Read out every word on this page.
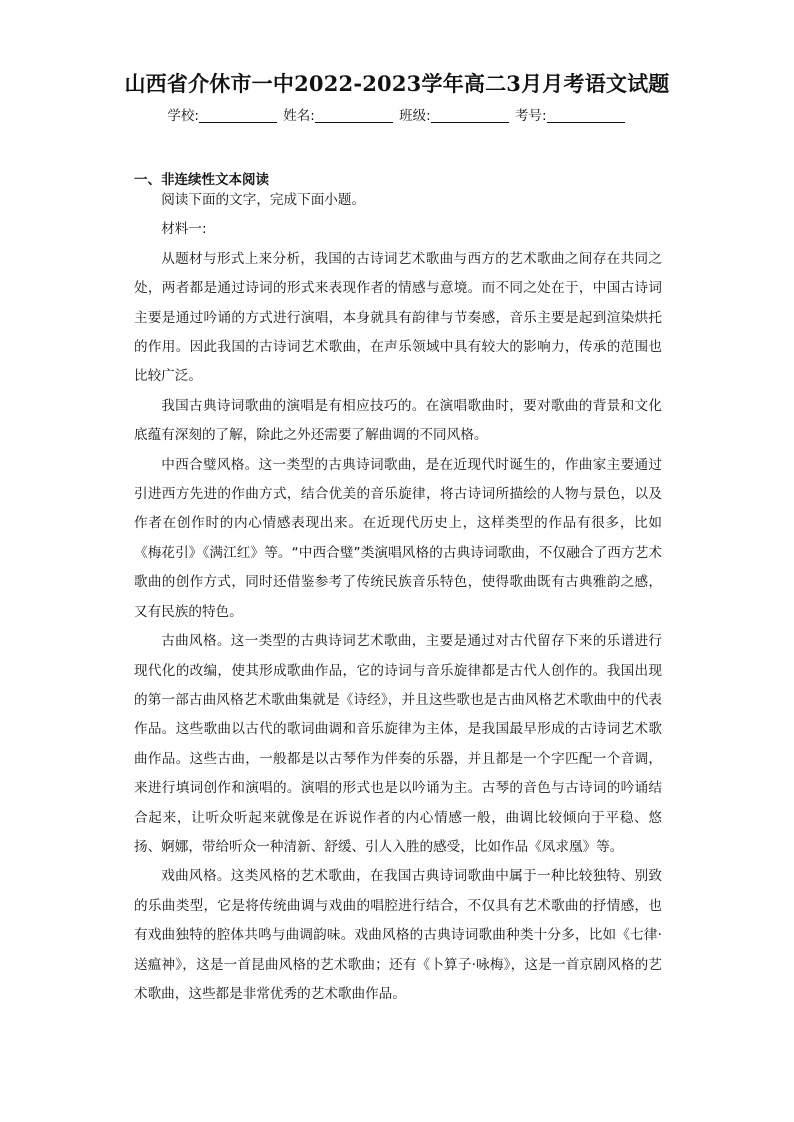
山西省介休市一中2022-2023学年高二3月月考语文试题
学校:	姓名:	班级:	考号:
一、非连续性文本阅读

阅读下面的文字，完成下面小题。

材料一:

从题材与形式上来分析，我国的古诗词艺术歌曲与西方的艺术歌曲之间存在共同之处，两者都是通过诗词的形式来表现作者的情感与意境。而不同之处在于，中国古诗词主要是通过吟诵的方式进行演唱，本身就具有韵律与节奏感，音乐主要是起到渲染烘托的作用。因此我国的古诗词艺术歌曲，在声乐领域中具有较大的影响力，传承的范围也比较广泛。

我国古典诗词歌曲的演唱是有相应技巧的。在演唱歌曲时，要对歌曲的背景和文化底蕴有深刻的了解，除此之外还需要了解曲调的不同风格。

中西合璧风格。这一类型的古典诗词歌曲，是在近现代时诞生的，作曲家主要通过引进西方先进的作曲方式，结合优美的音乐旋律，将古诗词所描绘的人物与景色，以及作者在创作时的内心情感表现出来。在近现代历史上，这样类型的作品有很多，比如《梅花引》《满江红》等。“中西合璧”类演唱风格的古典诗词歌曲，不仅融合了西方艺术歌曲的创作方式，同时还借鉴参考了传统民族音乐特色，使得歌曲既有古典雅韵之感，又有民族的特色。

古曲风格。这一类型的古典诗词艺术歌曲，主要是通过对古代留存下来的乐谱进行现代化的改编，使其形成歌曲作品，它的诗词与音乐旋律都是古代人创作的。我国出现的第一部古曲风格艺术歌曲集就是《诗经》，并且这些歌也是古曲风格艺术歌曲中的代表作品。这些歌曲以古代的歌词曲调和音乐旋律为主体，是我国最早形成的古诗词艺术歌曲作品。这些古曲，一般都是以古琴作为伴奏的乐器，并且都是一个字匹配一个音调，来进行填词创作和演唱的。演唱的形式也是以吟诵为主。古琴的音色与古诗词的吟诵结合起来，让听众听起来就像是在诉说作者的内心情感一般，曲调比较倾向于平稳、悠扬、婀娜，带给听众一种清新、舒缓、引人入胜的感受，比如作品《凤求凰》等。

戏曲风格。这类风格的艺术歌曲，在我国古典诗词歌曲中属于一种比较独特、别致的乐曲类型，它是将传统曲调与戏曲的唱腔进行结合，不仅具有艺术歌曲的抒情感，也有戏曲独特的腔体共鸣与曲调韵味。戏曲风格的古典诗词歌曲种类十分多，比如《七律·送瘟神》，这是一首昆曲风格的艺术歌曲；还有《卜算子·咏梅》，这是一首京剧风格的艺术歌曲，这些都是非常优秀的艺术歌曲作品。
